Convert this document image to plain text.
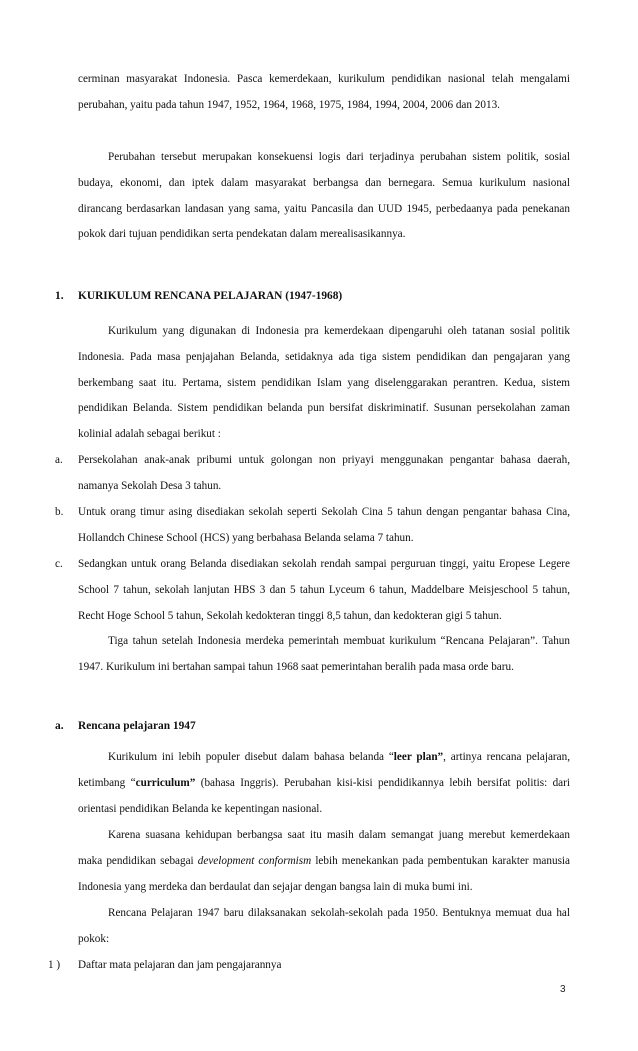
cerminan masyarakat Indonesia. Pasca kemerdekaan, kurikulum pendidikan nasional telah mengalami perubahan, yaitu pada tahun 1947, 1952, 1964, 1968, 1975, 1984, 1994, 2004, 2006 dan 2013.

Perubahan tersebut merupakan konsekuensi logis dari terjadinya perubahan sistem politik, sosial budaya, ekonomi, dan iptek dalam masyarakat berbangsa dan bernegara. Semua kurikulum nasional dirancang berdasarkan landasan yang sama, yaitu Pancasila dan UUD 1945, perbedaanya pada penekanan pokok dari tujuan pendidikan serta pendekatan dalam merealisasikannya.

1. KURIKULUM RENCANA PELAJARAN (1947-1968)

Kurikulum yang digunakan di Indonesia pra kemerdekaan dipengaruhi oleh tatanan sosial politik Indonesia. Pada masa penjajahan Belanda, setidaknya ada tiga sistem pendidikan dan pengajaran yang berkembang saat itu. Pertama, sistem pendidikan Islam yang diselenggarakan perantren. Kedua, sistem pendidikan Belanda. Sistem pendidikan belanda pun bersifat diskriminatif. Susunan persekolahan zaman kolinial adalah sebagai berikut :

a. Persekolahan anak-anak pribumi untuk golongan non priyayi menggunakan pengantar bahasa daerah, namanya Sekolah Desa 3 tahun.

b. Untuk orang timur asing disediakan sekolah seperti Sekolah Cina 5 tahun dengan pengantar bahasa Cina, Hollandch Chinese School (HCS) yang berbahasa Belanda selama 7 tahun.

c. Sedangkan untuk orang Belanda disediakan sekolah rendah sampai perguruan tinggi, yaitu Eropese Legere School 7 tahun, sekolah lanjutan HBS 3 dan 5 tahun Lyceum 6 tahun, Maddelbare Meisjeschool 5 tahun, Recht Hoge School 5 tahun, Sekolah kedokteran tinggi 8,5 tahun, dan kedokteran gigi 5 tahun.

Tiga tahun setelah Indonesia merdeka pemerintah membuat kurikulum “Rencana Pelajaran”. Tahun 1947. Kurikulum ini bertahan sampai tahun 1968 saat pemerintahan beralih pada masa orde baru.

a. Rencana pelajaran 1947

Kurikulum ini lebih populer disebut dalam bahasa belanda “leer plan”, artinya rencana pelajaran, ketimbang “curriculum” (bahasa Inggris). Perubahan kisi-kisi pendidikannya lebih bersifat politis: dari orientasi pendidikan Belanda ke kepentingan nasional.

Karena suasana kehidupan berbangsa saat itu masih dalam semangat juang merebut kemerdekaan maka pendidikan sebagai development conformism lebih menekankan pada pembentukan karakter manusia Indonesia yang merdeka dan berdaulat dan sejajar dengan bangsa lain di muka bumi ini.

Rencana Pelajaran 1947 baru dilaksanakan sekolah-sekolah pada 1950. Bentuknya memuat dua hal pokok:

1 ) Daftar mata pelajaran dan jam pengajarannya

3
